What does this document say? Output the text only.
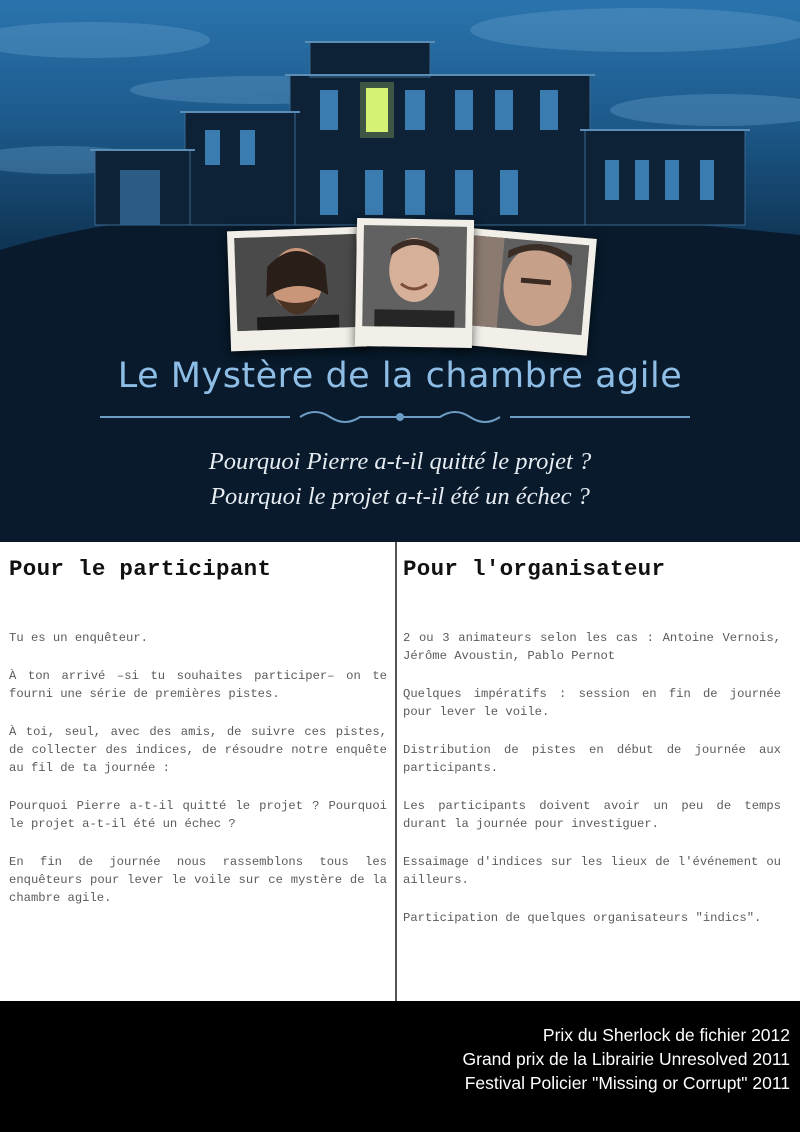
Le Mystère de la chambre agile
Pourquoi Pierre a-t-il quitté le projet ?
Pourquoi le projet a-t-il été un échec ?
Pour le participant

Tu es un enquêteur.

À ton arrivé –si tu souhaites participer– on te fourni une série de premières pistes.

À toi, seul, avec des amis, de suivre ces pistes, de collecter des indices, de résoudre notre enquête au fil de ta journée :

Pourquoi Pierre a-t-il quitté le projet ? Pourquoi le projet a-t-il été un échec ?

En fin de journée nous rassemblons tous les enquêteurs pour lever le voile sur ce mystère de la chambre agile.

Pour l'organisateur

2 ou 3 animateurs selon les cas : Antoine Vernois, Jérôme Avoustin, Pablo Pernot

Quelques impératifs : session en fin de journée pour lever le voile.

Distribution de pistes en début de journée aux participants.

Les participants doivent avoir un peu de temps durant la journée pour investiguer.

Essaimage d'indices sur les lieux de l'événement ou ailleurs.

Participation de quelques organisateurs "indics".

Prix du Sherlock de fichier 2012
Grand prix de la Librairie Unresolved 2011
Festival Policier "Missing or Corrupt" 2011
